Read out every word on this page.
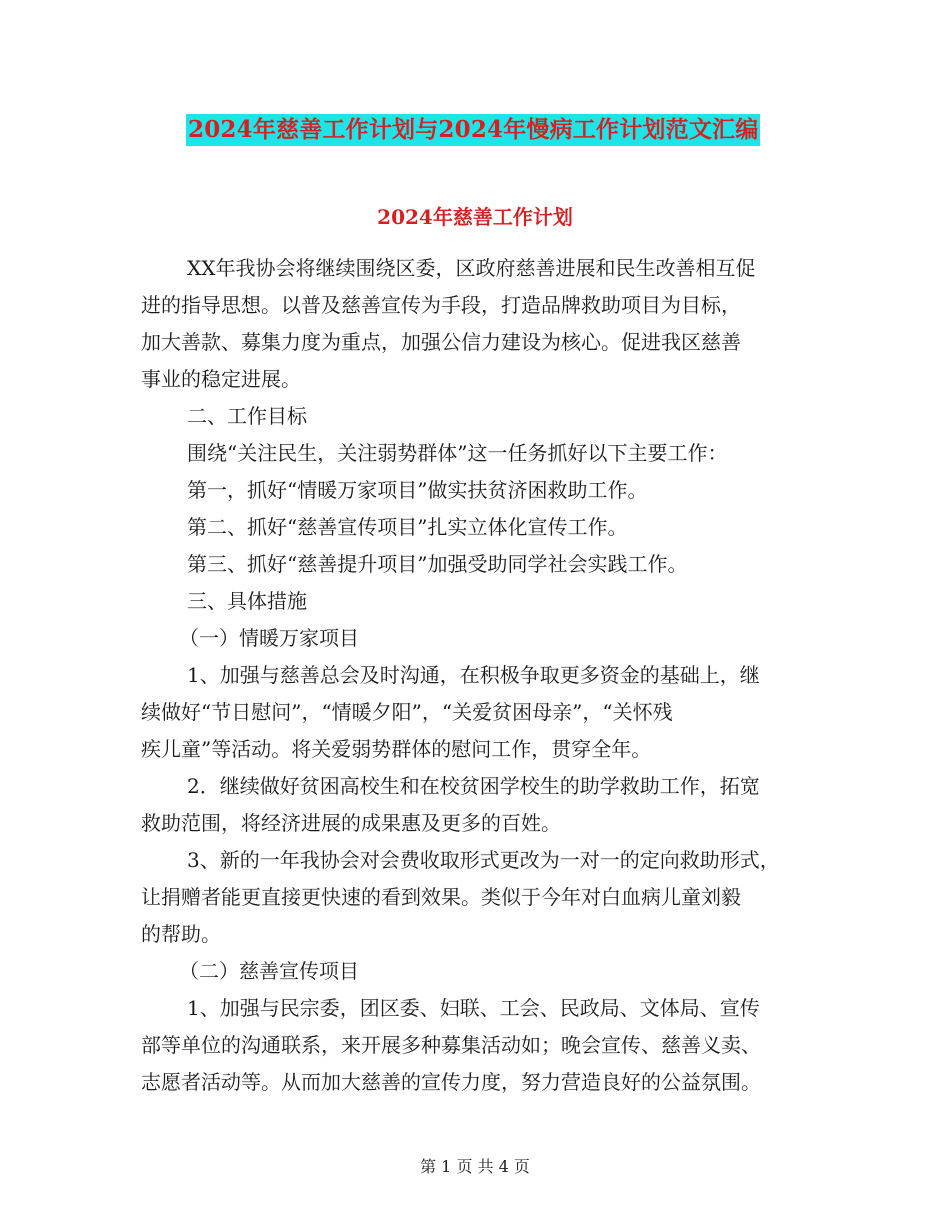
2024年慈善工作计划与2024年慢病工作计划范文汇编
2024年慈善工作计划

XX年我协会将继续围绕区委，区政府慈善进展和民生改善相互促

进的指导思想。以普及慈善宣传为手段，打造品牌救助项目为目标，

加大善款、募集力度为重点，加强公信力建设为核心。促进我区慈善

事业的稳定进展。

二、工作目标

围绕“关注民生，关注弱势群体”这一任务抓好以下主要工作：

第一，抓好“情暖万家项目”做实扶贫济困救助工作。

第二、抓好“慈善宣传项目”扎实立体化宣传工作。

第三、抓好“慈善提升项目”加强受助同学社会实践工作。

三、具体措施

（一）情暖万家项目

1、加强与慈善总会及时沟通，在积极争取更多资金的基础上，继

续做好“节日慰问”，“情暖夕阳”，“关爱贫困母亲”，“关怀残

疾儿童”等活动。将关爱弱势群体的慰问工作，贯穿全年。

2．继续做好贫困高校生和在校贫困学校生的助学救助工作，拓宽

救助范围，将经济进展的成果惠及更多的百姓。

3、新的一年我协会对会费收取形式更改为一对一的定向救助形式，

让捐赠者能更直接更快速的看到效果。类似于今年对白血病儿童刘毅

的帮助。

（二）慈善宣传项目

1、加强与民宗委，团区委、妇联、工会、民政局、文体局、宣传

部等单位的沟通联系，来开展多种募集活动如；晚会宣传、慈善义卖、

志愿者活动等。从而加大慈善的宣传力度，努力营造良好的公益氛围。

第 1 页 共 4 页
